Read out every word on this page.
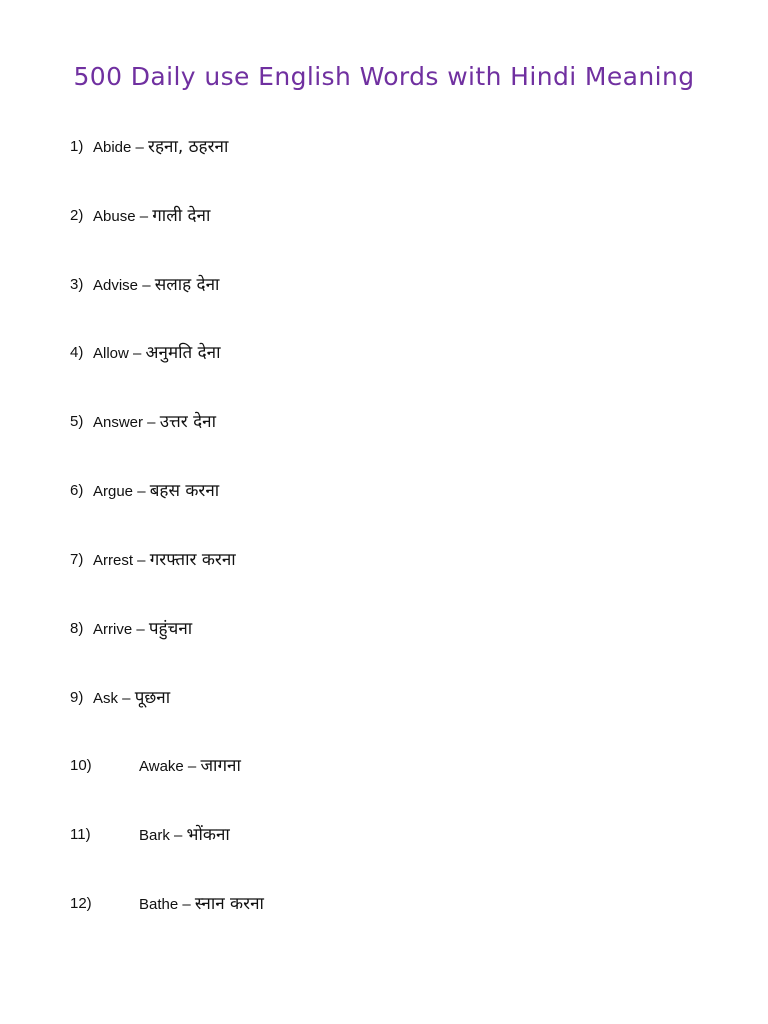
500 Daily use English Words with Hindi Meaning
1) Abide – रहना, ठहरना
2) Abuse – गाली देना
3) Advise – सलाह देना
4) Allow – अनुमति देना
5) Answer – उत्तर देना
6) Argue – बहस करना
7) Arrest – गरफ्तार करना
8) Arrive – पहुंचना
9) Ask – पूछना
10)	Awake – जागना
11)	Bark – भोंकना
12)	Bathe – स्नान करना
